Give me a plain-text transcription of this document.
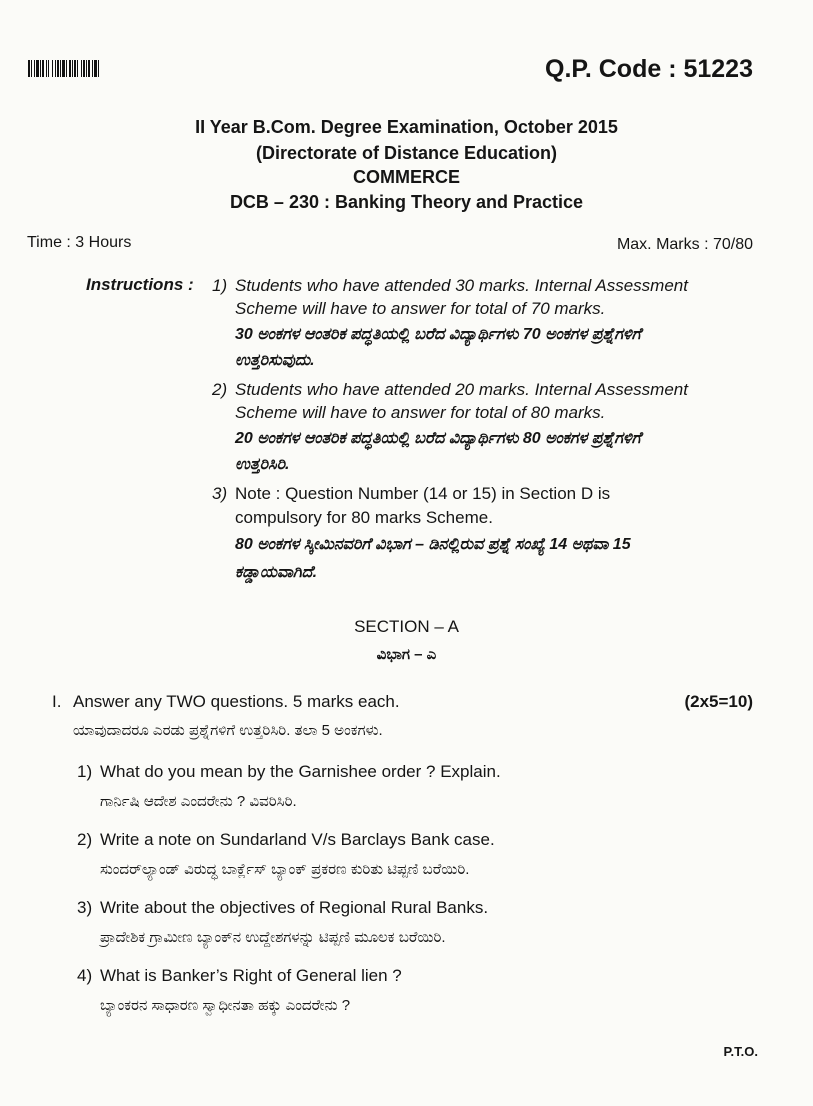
Q.P. Code : 51223
II Year B.Com. Degree Examination, October 2015
(Directorate of Distance Education)
COMMERCE
DCB – 230 : Banking Theory and Practice
Time : 3 Hours	Max. Marks : 70/80
Instructions : 1) Students who have attended 30 marks. Internal Assessment
Scheme will have to answer for total of 70 marks.
30 ಅಂಕಗಳ ಆಂತರಿಕ ಪದ್ಧತಿಯಲ್ಲಿ ಬರೆದ ವಿದ್ಯಾರ್ಥಿಗಳು 70 ಅಂಕಗಳ ಪ್ರಶ್ನೆಗಳಿಗೆ
ಉತ್ತರಿಸುವುದು.
2) Students who have attended 20 marks. Internal Assessment
Scheme will have to answer for total of 80 marks.
20 ಅಂಕಗಳ ಆಂತರಿಕ ಪದ್ಧತಿಯಲ್ಲಿ ಬರೆದ ವಿದ್ಯಾರ್ಥಿಗಳು 80 ಅಂಕಗಳ ಪ್ರಶ್ನೆಗಳಿಗೆ
ಉತ್ತರಿಸಿರಿ.
3) Note : Question Number (14 or 15) in Section D is
compulsory for 80 marks Scheme.
80 ಅಂಕಗಳ ಸ್ಕೀಮಿನವರಿಗೆ ವಿಭಾಗ – ಡಿನಲ್ಲಿರುವ ಪ್ರಶ್ನೆ ಸಂಖ್ಯೆ 14 ಅಥವಾ 15
ಕಡ್ಡಾಯವಾಗಿದೆ.
SECTION – A
ವಿಭಾಗ – ಎ
I. Answer any TWO questions. 5 marks each.	(2x5=10)
ಯಾವುದಾದರೂ ಎರಡು ಪ್ರಶ್ನೆಗಳಿಗೆ ಉತ್ತರಿಸಿರಿ. ತಲಾ 5 ಅಂಕಗಳು.
1) What do you mean by the Garnishee order ? Explain.
ಗಾರ್ನಿಷಿ ಆದೇಶ ಎಂದರೇನು ? ವಿವರಿಸಿರಿ.
2) Write a note on Sundarland V/s Barclays Bank case.
ಸುಂದರ್‌ಲ್ಯಾಂಡ್ ವಿರುದ್ಧ ಬಾರ್ಕ್ಲೆಸ್ ಬ್ಯಾಂಕ್ ಪ್ರಕರಣ ಕುರಿತು ಟಿಪ್ಪಣಿ ಬರೆಯಿರಿ.
3) Write about the objectives of Regional Rural Banks.
ಪ್ರಾದೇಶಿಕ ಗ್ರಾಮೀಣ ಬ್ಯಾಂಕ್‌ನ ಉದ್ದೇಶಗಳನ್ನು ಟಿಪ್ಪಣಿ ಮೂಲಕ ಬರೆಯಿರಿ.
4) What is Banker’s Right of General lien ?
ಬ್ಯಾಂಕರನ ಸಾಧಾರಣ ಸ್ವಾಧೀನತಾ ಹಕ್ಕು ಎಂದರೇನು ?
P.T.O.
